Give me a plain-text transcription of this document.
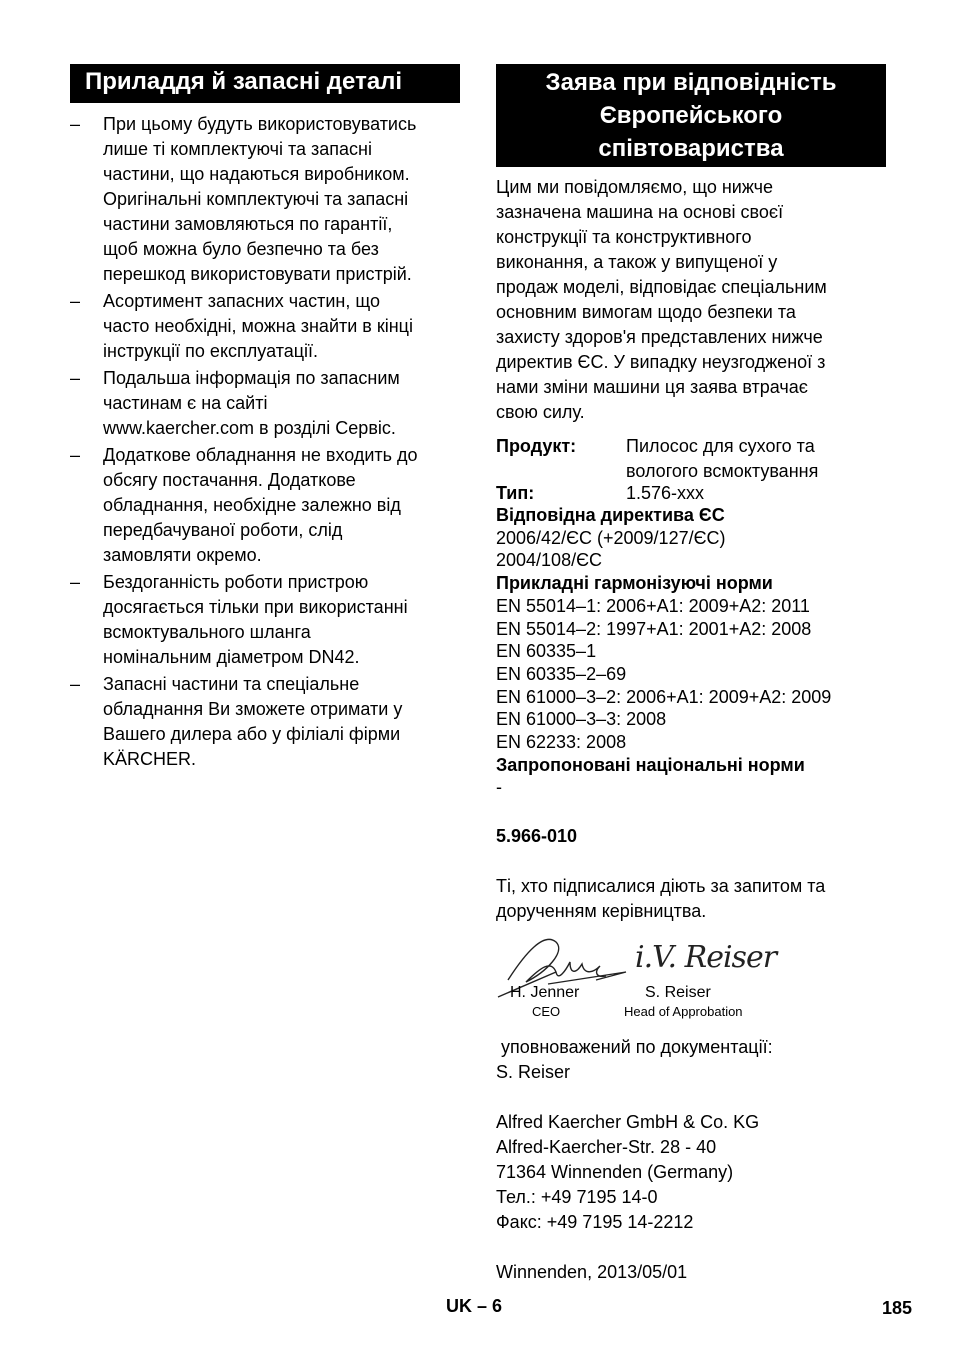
Приладдя й запасні деталі
– При цьому будуть використовуватись
лише ті комплектуючі та запасні
частини, що надаються виробником.
Оригінальні комплектуючі та запасні
частини замовляються по гарантії,
щоб можна було безпечно та без
перешкод використовувати пристрій.
– Асортимент запасних частин, що
часто необхідні, можна знайти в кінці
інструкції по експлуатації.
– Подальша інформація по запасним
частинам є на сайті
www.kaercher.com в розділі Сервіс.
– Додаткове обладнання не входить до
обсягу постачання. Додаткове
обладнання, необхідне залежно від
передбачуваної роботи, слід
замовляти окремо.
– Бездоганність роботи пристрою
досягається тільки при використанні
всмоктувального шланга
номінальним діаметром DN42.
– Запасні частини та спеціальне
обладнання Ви зможете отримати у
Вашего дилера або у філіалі фірми
KÄRCHER.
Заява при відповідність
Європейського
співтовариства
Цим ми повідомляємо, що нижче
зазначена машина на основі своєї
конструкції та конструктивного
виконання, а також у випущеної у
продаж моделі, відповідає спеціальним
основним вимогам щодо безпеки та
захисту здоров'я представлених нижче
директив ЄС. У випадку неузгодженої з
нами зміни машини ця заява втрачає
свою силу.
Продукт:	Пилосос для сухого та
вологого всмоктування
Тип:	1.576-xxx
Відповідна директива ЄС
2006/42/ЄС (+2009/127/ЄС)
2004/108/ЄС
Прикладні гармонізуючі норми
EN 55014–1: 2006+A1: 2009+A2: 2011
EN 55014–2: 1997+A1: 2001+A2: 2008
EN 60335–1
EN 60335–2–69
EN 61000–3–2: 2006+A1: 2009+A2: 2009
EN 61000–3–3: 2008
EN 62233: 2008
Запропоновані національні норми
-
5.966-010
Ті, хто підписалися діють за запитом та
дорученням керівництва.
i.V. Reiser
H. Jenner
CEO
S. Reiser
Head of Approbation
уповноважений по документації:
S. Reiser
Alfred Kaercher GmbH & Co. KG
Alfred-Kaercher-Str. 28 - 40
71364 Winnenden (Germany)
Тел.: +49 7195 14-0
Факс: +49 7195 14-2212
Winnenden, 2013/05/01
UK – 6	185
